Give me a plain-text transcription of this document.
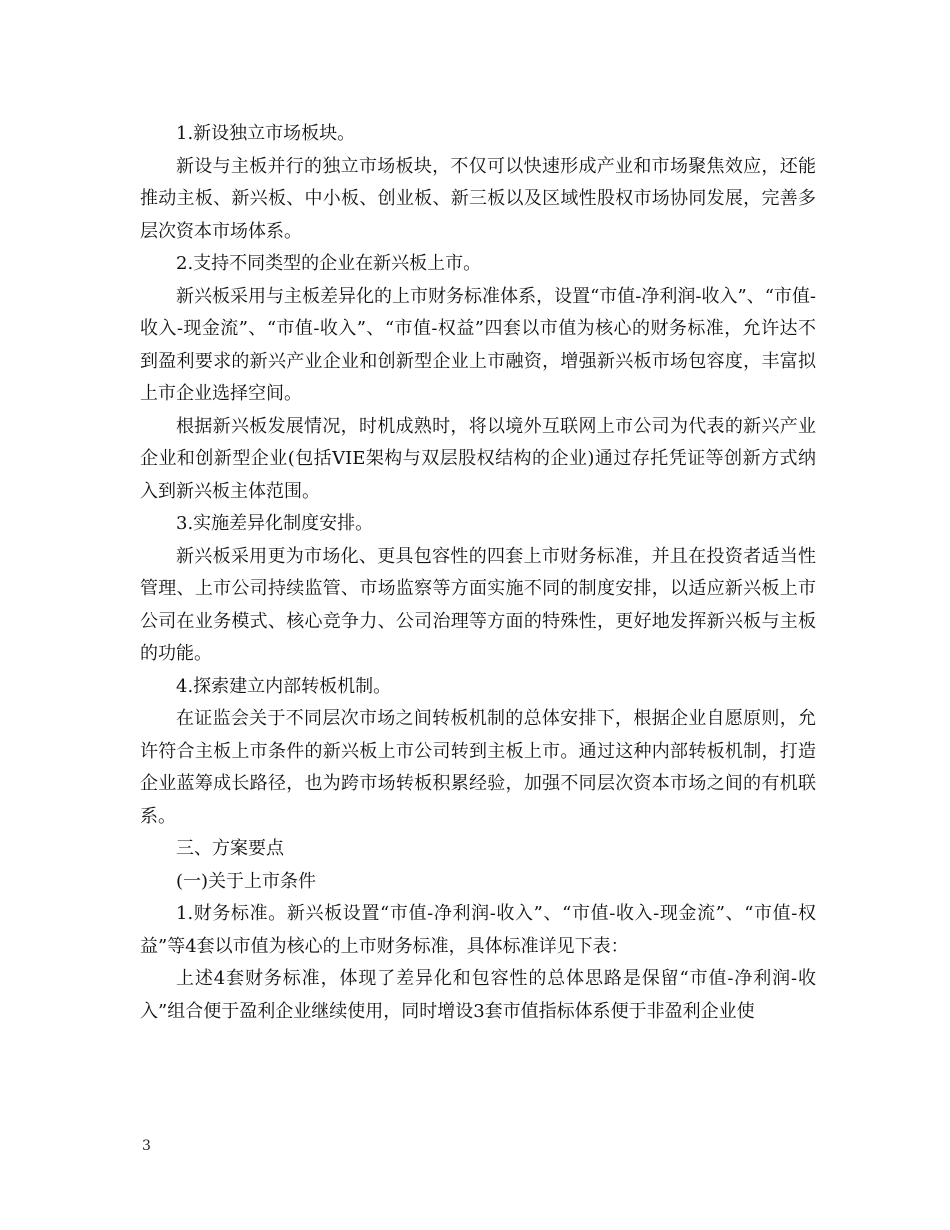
1.新设独立市场板块。

新设与主板并行的独立市场板块，不仅可以快速形成产业和市场聚焦效应，还能推动主板、新兴板、中小板、创业板、新三板以及区域性股权市场协同发展，完善多层次资本市场体系。

2.支持不同类型的企业在新兴板上市。

新兴板采用与主板差异化的上市财务标准体系，设置“市值-净利润-收入”、“市值-收入-现金流”、“市值-收入”、“市值-权益”四套以市值为核心的财务标准，允许达不到盈利要求的新兴产业企业和创新型企业上市融资，增强新兴板市场包容度，丰富拟上市企业选择空间。

根据新兴板发展情况，时机成熟时，将以境外互联网上市公司为代表的新兴产业企业和创新型企业(包括VIE架构与双层股权结构的企业)通过存托凭证等创新方式纳入到新兴板主体范围。

3.实施差异化制度安排。

新兴板采用更为市场化、更具包容性的四套上市财务标准，并且在投资者适当性管理、上市公司持续监管、市场监察等方面实施不同的制度安排，以适应新兴板上市公司在业务模式、核心竞争力、公司治理等方面的特殊性，更好地发挥新兴板与主板的功能。

4.探索建立内部转板机制。

在证监会关于不同层次市场之间转板机制的总体安排下，根据企业自愿原则，允许符合主板上市条件的新兴板上市公司转到主板上市。通过这种内部转板机制，打造企业蓝筹成长路径，也为跨市场转板积累经验，加强不同层次资本市场之间的有机联系。

三、方案要点

(一)关于上市条件

1.财务标准。新兴板设置“市值-净利润-收入”、“市值-收入-现金流”、“市值-权益”等4套以市值为核心的上市财务标准，具体标准详见下表：

上述4套财务标准，体现了差异化和包容性的总体思路是保留“市值-净利润-收入”组合便于盈利企业继续使用，同时增设3套市值指标体系便于非盈利企业使

3
